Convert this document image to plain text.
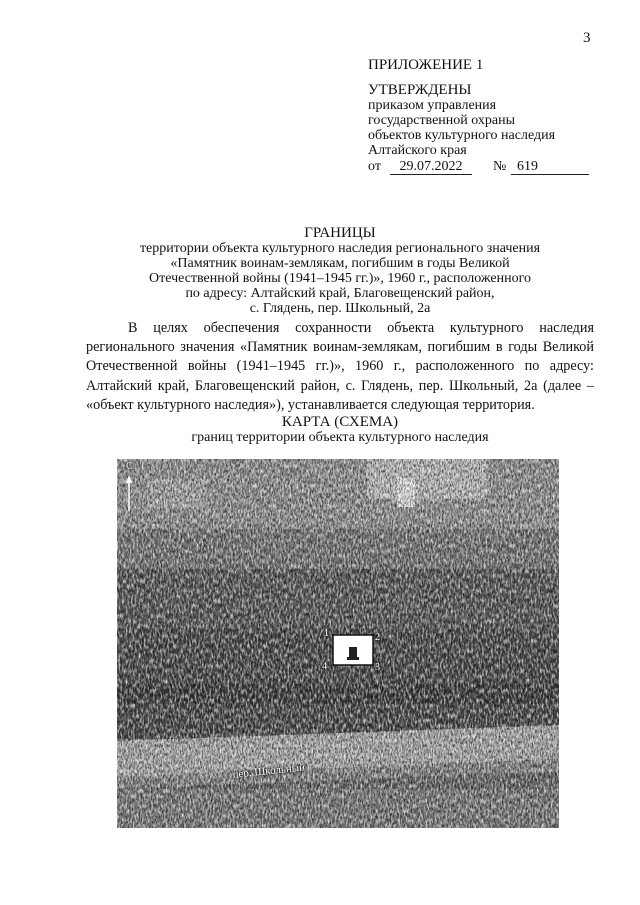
3
ПРИЛОЖЕНИЕ 1
УТВЕРЖДЕНЫ
приказом управления
государственной охраны
объектов культурного наследия
Алтайского края
от	29.07.2022	№ 619
ГРАНИЦЫ
территории объекта культурного наследия регионального значения
«Памятник воинам-землякам, погибшим в годы Великой
Отечественной войны (1941–1945 гг.)», 1960 г., расположенного
по адресу: Алтайский край, Благовещенский район,
с. Глядень, пер. Школьный, 2а

В целях обеспечения сохранности объекта культурного наследия регионального значения «Памятник воинам-землякам, погибшим в годы Великой Отечественной войны (1941–1945 гг.)», 1960 г., расположенного по адресу: Алтайский край, Благовещенский район, с. Глядень, пер. Школьный, 2а (далее – «объект культурного наследия»), устанавливается следующая территория.

КАРТА (СХЕМА)
границ территории объекта культурного наследия
С
1	2
3
4
пер. Школьный
